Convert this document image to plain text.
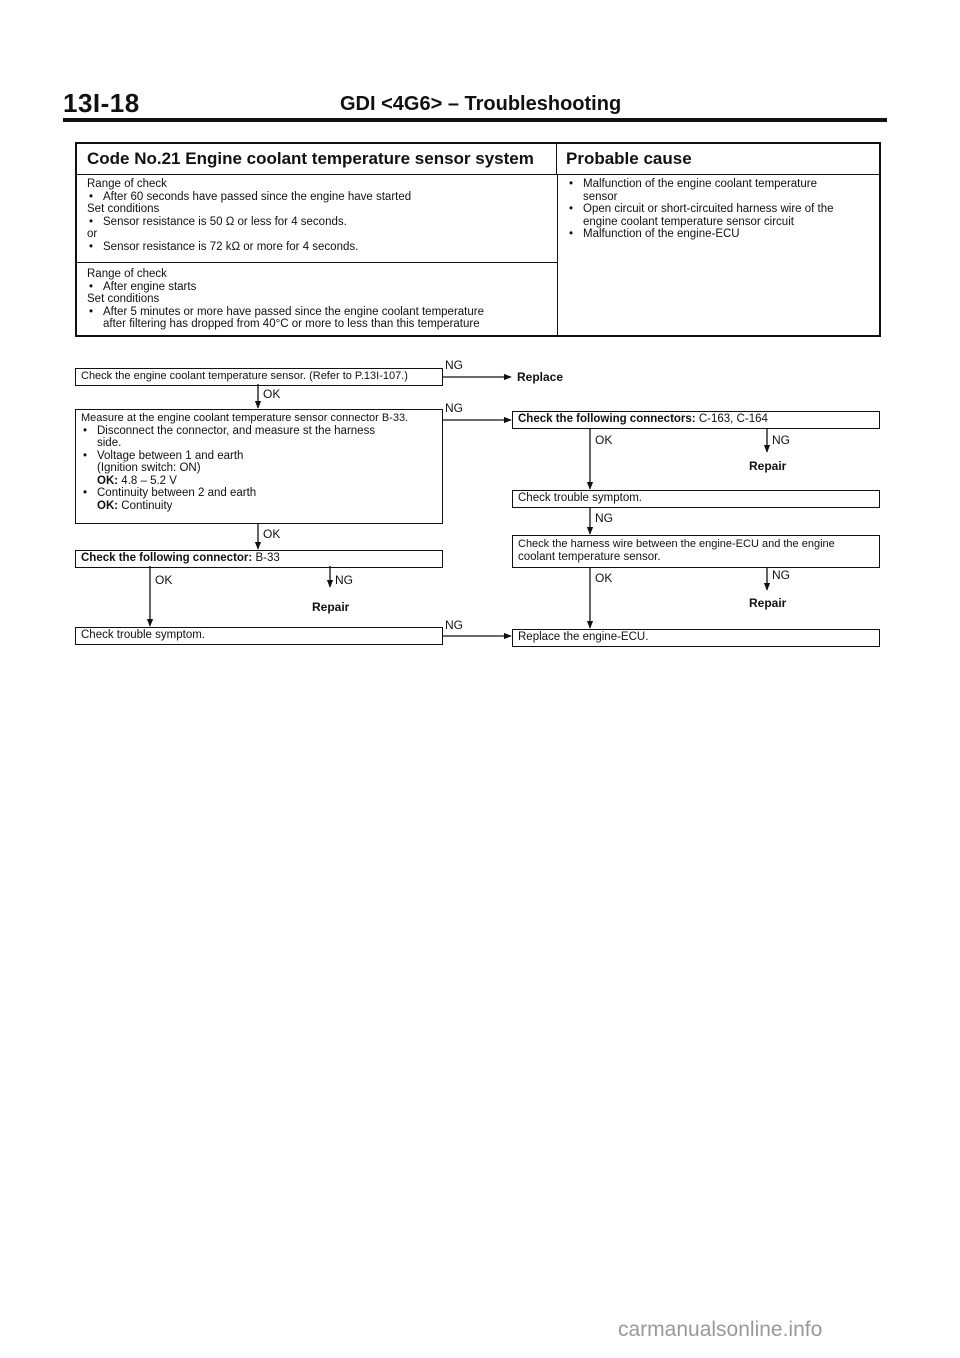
13I-18	GDI <4G6> – Troubleshooting
Code No.21 Engine coolant temperature sensor system	Probable cause
Range of check
• After 60 seconds have passed since the engine have started
Set conditions
• Sensor resistance is 50 Ω or less for 4 seconds.
or
• Sensor resistance is 72 kΩ or more for 4 seconds.
Range of check
• After engine starts
Set conditions
• After 5 minutes or more have passed since the engine coolant temperature
after filtering has dropped from 40°C or more to less than this temperature
• Malfunction of the engine coolant temperature
sensor
• Open circuit or short-circuited harness wire of the
engine coolant temperature sensor circuit
• Malfunction of the engine-ECU
Check the engine coolant temperature sensor. (Refer to P.13I-107.)
NG
Replace
OK
Measure at the engine coolant temperature sensor connector B-33.
• Disconnect the connector, and measure st the harness
side.
• Voltage between 1 and earth
(Ignition switch: ON)
OK: 4.8 – 5.2 V
• Continuity between 2 and earth
OK: Continuity
NG
OK
Check the following connector: B-33
OK	NG
Repair
Check trouble symptom.
NG
Check the following connectors: C-163, C-164
OK	NG
Repair
Check trouble symptom.
NG
Check the harness wire between the engine-ECU and the engine
coolant temperature sensor.
OK	NG
Repair
Replace the engine-ECU.
carmanualsonline.info
